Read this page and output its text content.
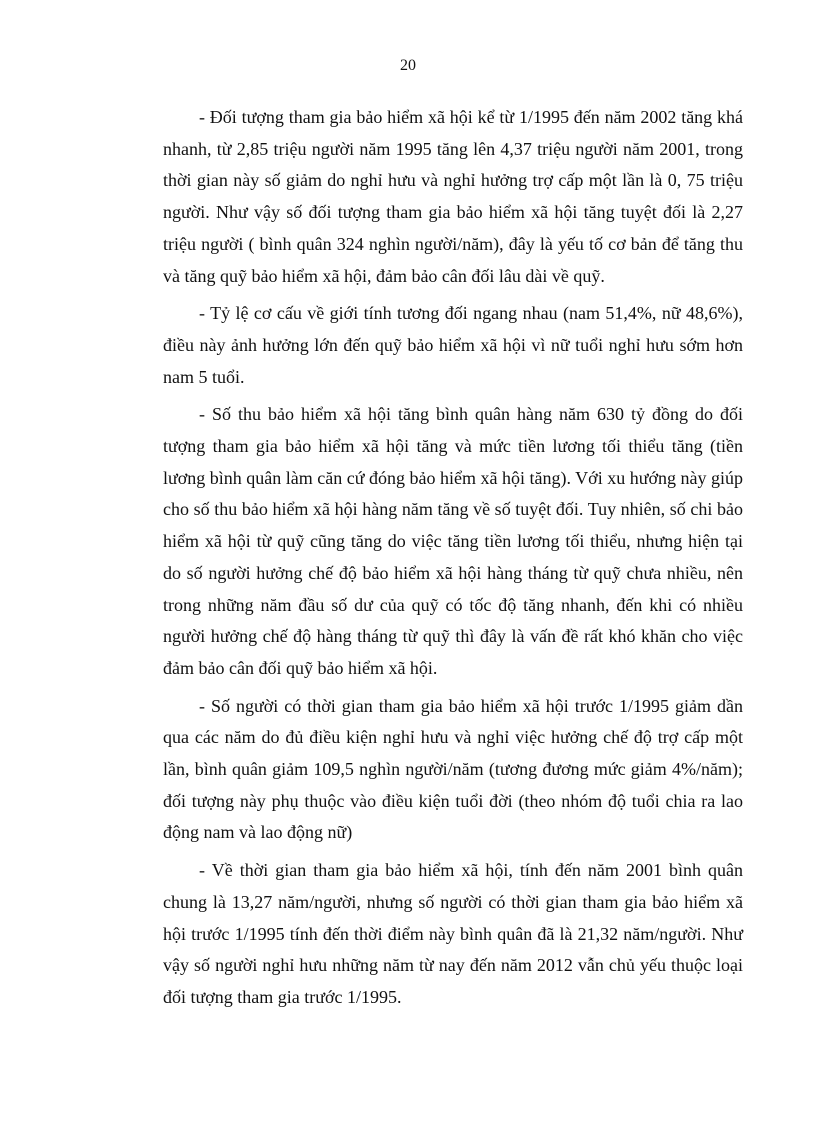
20

- Đối tượng tham gia bảo hiểm xã hội kể từ 1/1995 đến năm 2002 tăng khá nhanh, từ 2,85 triệu người năm 1995 tăng lên 4,37 triệu người năm 2001, trong thời gian này số giảm do nghỉ hưu và nghỉ hưởng trợ cấp một lần là 0, 75 triệu người. Như vậy số đối tượng tham gia bảo hiểm xã hội tăng tuyệt đối là 2,27 triệu người ( bình quân 324 nghìn người/năm), đây là yếu tố cơ bản để tăng thu và tăng quỹ bảo hiểm xã hội, đảm bảo cân đối lâu dài về quỹ.

- Tỷ lệ cơ cấu về giới tính tương đối ngang nhau (nam 51,4%, nữ 48,6%), điều này ảnh hưởng lớn đến quỹ bảo hiểm xã hội vì nữ tuổi nghỉ hưu sớm hơn nam 5 tuổi.

- Số thu bảo hiểm xã hội tăng bình quân hàng năm 630 tỷ đồng do đối tượng tham gia bảo hiểm xã hội tăng và mức tiền lương tối thiểu tăng (tiền lương bình quân làm căn cứ đóng bảo hiểm xã hội tăng). Với xu hướng này giúp cho số thu bảo hiểm xã hội hàng năm tăng về số tuyệt đối. Tuy nhiên, số chi bảo hiểm xã hội từ quỹ cũng tăng do việc tăng tiền lương tối thiểu, nhưng hiện tại do số người hưởng chế độ bảo hiểm xã hội hàng tháng từ quỹ chưa nhiều, nên trong những năm đầu số dư của quỹ có tốc độ tăng nhanh, đến khi có nhiều người hưởng chế độ hàng tháng từ quỹ thì đây là vấn đề rất khó khăn cho việc đảm bảo cân đối quỹ bảo hiểm xã hội.

- Số người có thời gian tham gia bảo hiểm xã hội trước 1/1995 giảm dần qua các năm do đủ điều kiện nghỉ hưu và nghỉ việc hưởng chế độ trợ cấp một lần, bình quân giảm 109,5 nghìn người/năm (tương đương mức giảm 4%/năm); đối tượng này phụ thuộc vào điều kiện tuổi đời (theo nhóm độ tuổi chia ra lao động nam và lao động nữ)

- Về thời gian tham gia bảo hiểm xã hội, tính đến năm 2001 bình quân chung là 13,27 năm/người, nhưng số người có thời gian tham gia bảo hiểm xã hội trước 1/1995 tính đến thời điểm này bình quân đã là 21,32 năm/người. Như vậy số người nghỉ hưu những năm từ nay đến năm 2012 vẫn chủ yếu thuộc loại đối tượng tham gia trước 1/1995.
